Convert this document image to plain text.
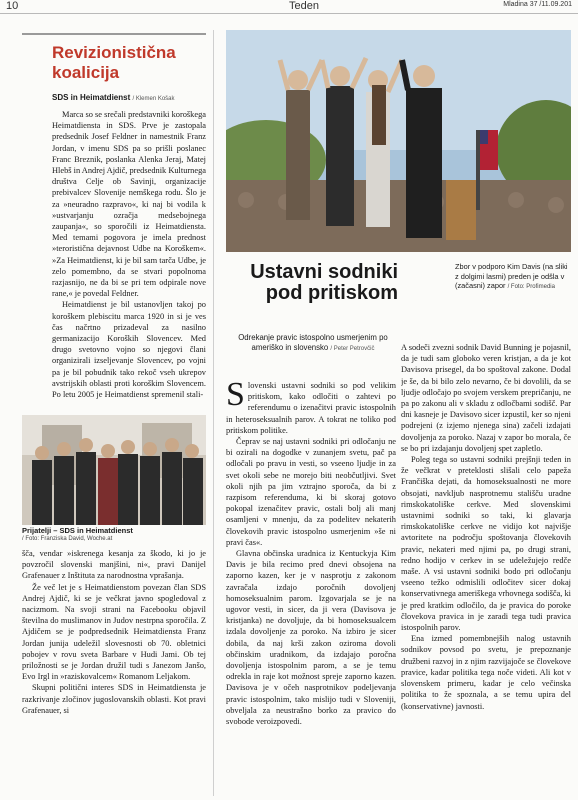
10	Teden	Mladina 37 /11.09.201
Revizionistična koalicija
SDS in Heimatdienst / Klemen Košak

Marca so se srečali predstavniki koroškega Heimatdiensta in SDS. Prve je zastopala predsednik Josef Feldner in namestnik Franz Jordan, v imenu SDS pa so prišli poslanec Franc Breznik, poslanka Alenka Jeraj, Matej Hlebš in Andrej Ajdič, predsednik Kulturnega društva Celje ob Savinji, organizacije prebivalcev Slovenije nemškega rodu. Šlo je za »neuradno razpravo«, ki naj bi vodila k »ustvarjanju ozračja medsebojnega zaupanja«, so sporočili iz Heimatdiensta. Med temami pogovora je imela prednost »teroristična dejavnost Udbe na Koroškem«. »Za Heimatdienst, ki je bil sam tarča Udbe, je zelo pomembno, da se stvari popolnoma razjasnijo, ne da bi se pri tem odpirale nove rane,« je povedal Feldner.

Heimatdienst je bil ustanovljen takoj po koroškem plebiscitu marca 1920 in si je ves čas načrtno prizadeval za nasilno germanizacijo Koroških Slovencev. Med drugo svetovno vojno so njegovi člani organizirali izseljevanje Slovencev, po vojni pa je bil pobudnik tako rekoč vseh ukrepov avstrijskih oblasti proti koroškim Slovencem. Po letu 2005 je Heimatdienst spremenil stali-

Prijatelji – SDS in Heimatdienst
/ Foto: Franziska David, Woche.at

šča, vendar »iskrenega kesanja za škodo, ki jo je povzročil slovenski manjšini, ni«, pravi Danijel Grafenauer z Inštituta za narodnostna vprašanja.

Že več let je s Heimatdienstom povezan član SDS Andrej Ajdič, ki se je večkrat javno spogledoval z nacizmom. Na svoji strani na Facebooku objavil številna do muslimanov in Judov nestrpna sporočila. Z Ajdičem se je podpredsednik Heimatdiensta Franz Jordan junija udeležil slovesnosti ob 70. obletnici pobojev v rovu sveta Barbare v Hudi Jami. Ob tej priložnosti se je Jordan družil tudi s Janezom Janšo, Evo Irgl in »raziskovalcem« Romanom Leljakom.

Skupni politični interes SDS in Heimatdiensta je razkrivanje zločinov jugoslovanskih oblasti. Kot pravi Grafenauer, si

Zbor v podporo Kim Davis (na sliki z dolgimi lasmi) preden je odšla v (začasni) zapor / Foto: Profimedia
Ustavni sodniki pod pritiskom
Odrekanje pravic istospolno usmerjenim po ameriško in slovensko / Peter Petrovčič

Slovenski ustavni sodniki so pod velikim pritiskom, kako odločiti o zahtevi po referendumu o izenačitvi pravic istospolnih in heteroseksualnih parov. A tokrat ne toliko pod pritiskom politike.

Čeprav se naj ustavni sodniki pri odločanju ne bi ozirali na dogodke v zunanjem svetu, pač pa odločali po pravu in vesti, so vseeno ljudje in za svet okoli sebe ne morejo biti neobčutljivi. Svet okoli njih pa jim vztrajno sporoča, da bi z razpisom referenduma, ki bi skoraj gotovo pokopal izenačitev pravic, ostali bolj ali manj osamljeni v mnenju, da za podelitev nekaterih človekovih pravic istospolno usmerjenim »še ni pravi čas«.

Glavna občinska uradnica iz Kentuckyja Kim Davis je bila recimo pred dnevi obsojena na zaporno kazen, ker je v nasprotju z zakonom zavračala izdajo poročnih dovoljenj homoseksualnim parom. Izgovarjala se je na ugovor vesti, in sicer, da ji vera (Davisova je kristjanka) ne dovoljuje, da bi homoseksualcem izdala dovoljenje za poroko. Na izbiro je sicer dobila, da naj krši zakon oziroma dovoli občinskim uradnikom, da izdajajo poročna dovoljenja istospolnim parom, a se je temu odrekla in raje kot možnost spreje zaporno kazen. Davisova je v očeh nasprotnikov podeljevanja pravic istospolnim, tako mislijo tudi v Sloveniji, obveljala za neustrašno borko za pravico do svobode veroizpovedi.

A sodeči zvezni sodnik David Bunning je pojasnil, da je tudi sam globoko veren kristjan, a da je kot Davisova prisegel, da bo spoštoval zakone. Dodal je še, da bi bilo zelo nevarno, če bi dovolili, da se ljudje odločajo po svojem verskem prepričanju, ne pa po zakonu ali v skladu z odločbami sodišč. Par dni kasneje je Davisovo sicer izpustil, ker so njeni podrejeni (z izjemo njenega sina) začeli izdajati dovoljenja za poroko. Nazaj v zapor bo morala, če se bo pri izdajanju dovoljenj spet zapletlo.

Poleg tega so ustavni sodniki prejšnji teden in že večkrat v preteklosti slišali celo papeža Frančiška dejati, da homoseksualnosti ne more obsojati, navkljub nasprotnemu stališču uradne rimskokatoliške cerkve. Med slovenskimi ustavnimi sodniki so taki, ki glavarja rimskokatoliške cerkve ne vidijo kot najvišje avtoritete na področju spoštovanja človekovih pravic, nekateri med njimi pa, po drugi strani, redno hodijo v cerkev in se udeležujejo redče maše. A vsi ustavni sodniki bodo pri odločanju vseeno težko odmislili odločitev sicer dokaj konservativnega ameriškega vrhovnega sodišča, ki je pred kratkim odločilo, da je pravica do poroke človekova pravica in je zaradi tega tudi pravica istospolnih parov.

Ena izmed pomembnejših nalog ustavnih sodnikov povsod po svetu, je prepoznanje družbeni razvoj in z njim razvijajoče se človekove pravice, kadar politika tega noče videti. Ali kot v slovenskem primeru, kadar je celo večinska politika to že spoznala, a se temu upira del (konservativne) javnosti.
